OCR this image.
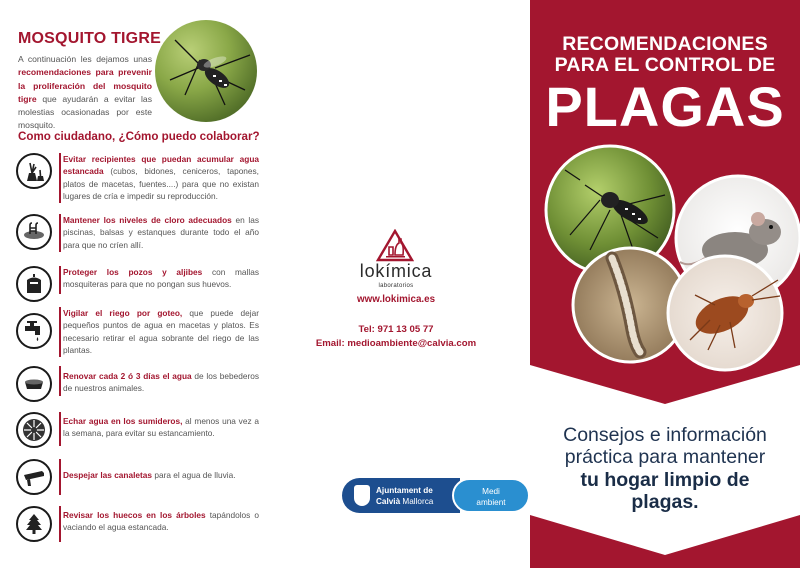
MOSQUITO TIGRE
A continuación les dejamos unas recomendaciones para prevenir la proliferación del mosquito tigre que ayudarán a evitar las molestias ocasionadas por este mosquito.
Como ciudadano, ¿Cómo puedo colaborar?
Evitar recipientes que puedan acumular agua estancada (cubos, bidones, ceniceros, tapones, platos de macetas, fuentes....) para que no existan lugares de cría e impedir su reproducción.
Mantener los niveles de cloro adecuados en las piscinas, balsas y estanques durante todo el año para que no críen allí.
Proteger los pozos y aljibes con mallas mosquiteras para que no pongan sus huevos.
Vigilar el riego por goteo, que puede dejar pequeños puntos de agua en macetas y platos. Es necesario retirar el agua sobrante del riego de las plantas.
Renovar cada 2 ó 3 días el agua de los bebederos de nuestros animales.
Echar agua en los sumideros, al menos una vez a la semana, para evitar su estancamiento.
Despejar las canaletas para el agua de lluvia.
Revisar los huecos en los árboles tapándolos o vaciando el agua estancada.
lokímica
laboratorios
www.lokimica.es
Tel: 971 13 05 77
Email: medioambiente@calvia.com
Ajuntament de
Calvià Mallorca
Medi
ambient
RECOMENDACIONES
PARA EL CONTROL DE
PLAGAS
Consejos e información
práctica para mantener
tu hogar limpio de
plagas.
